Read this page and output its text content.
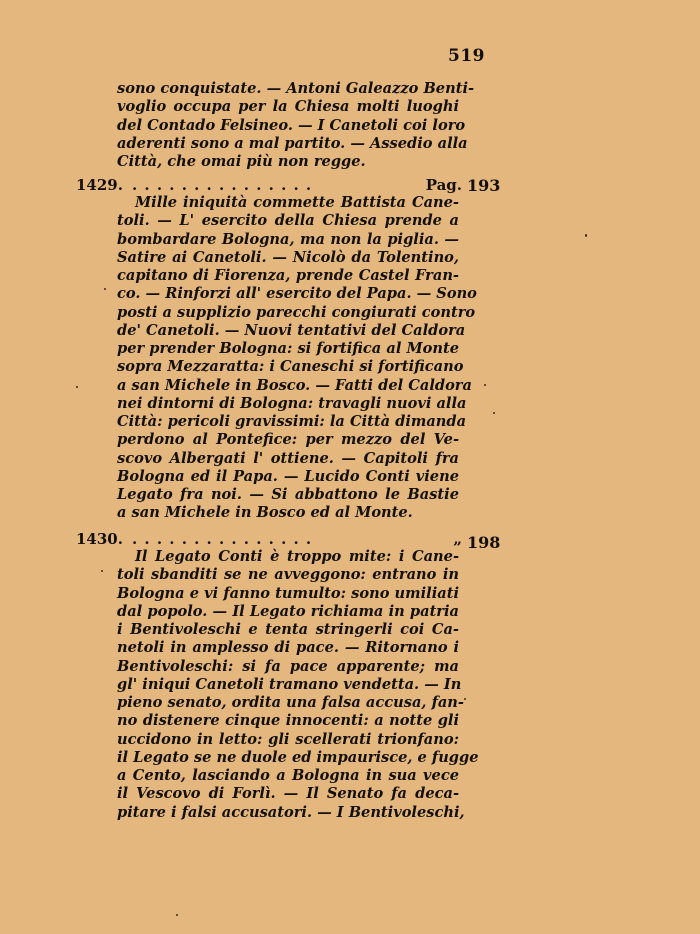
519
sono conquistate. — Antoni Galeazzo Benti-
voglio occupa per la Chiesa molti luoghi
del Contado Felsineo. — I Canetoli coi loro
aderenti sono a mal partito. — Assedio alla
Città, che omai più non regge.
1429. ...............	Pag. 193
Mille iniquità commette Battista Cane-
toli. — L' esercito della Chiesa prende a
bombardare Bologna, ma non la piglia. —
Satire ai Canetoli. — Nicolò da Tolentino,
capitano di Fiorenza, prende Castel Fran-
co. — Rinforzi all' esercito del Papa. — Sono
posti a supplizio parecchi congiurati contro
de' Canetoli. — Nuovi tentativi del Caldora
per prender Bologna: si fortifica al Monte
sopra Mezzaratta: i Caneschi si fortificano
a san Michele in Bosco. — Fatti del Caldora
nei dintorni di Bologna: travagli nuovi alla
Città: pericoli gravissimi: la Città dimanda
perdono al Pontefice: per mezzo del Ve-
scovo Albergati l' ottiene. — Capitoli fra
Bologna ed il Papa. — Lucido Conti viene
Legato fra noi. — Si abbattono le Bastie
a san Michele in Bosco ed al Monte.
1430. ...............	„ 198
Il Legato Conti è troppo mite: i Cane-
toli sbanditi se ne avveggono: entrano in
Bologna e vi fanno tumulto: sono umiliati
dal popolo. — Il Legato richiama in patria
i Bentivoleschi e tenta stringerli coi Ca-
netoli in amplesso di pace. — Ritornano i
Bentivoleschi: si fa pace apparente; ma
gl' iniqui Canetoli tramano vendetta. — In
pieno senato, ordita una falsa accusa, fan-
no distenere cinque innocenti: a notte gli
uccidono in letto: gli scellerati trionfano:
il Legato se ne duole ed impaurisce, e fugge
a Cento, lasciando a Bologna in sua vece
il Vescovo di Forlì. — Il Senato fa deca-
pitare i falsi accusatori. — I Bentivoleschi,
